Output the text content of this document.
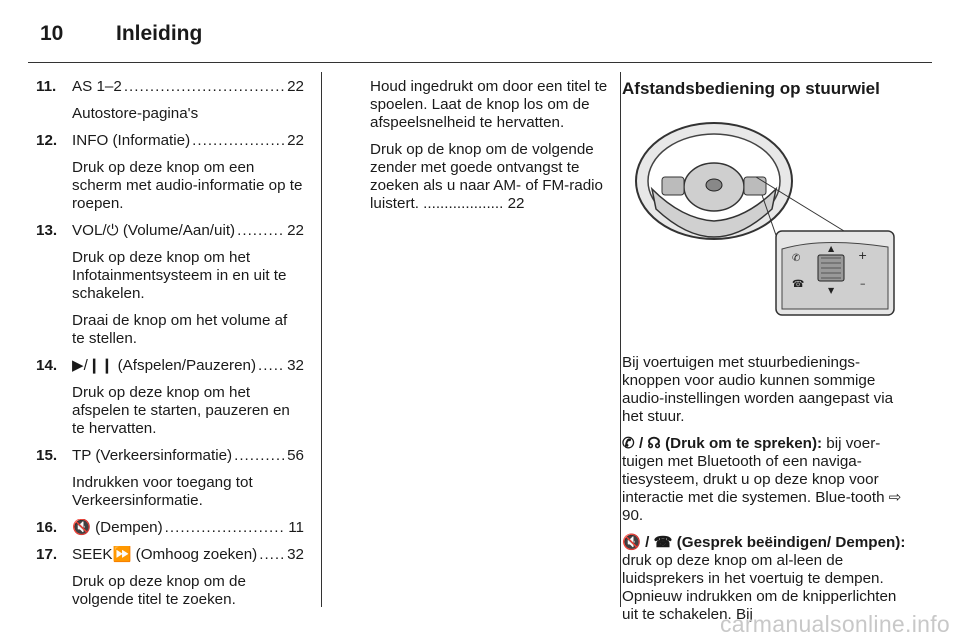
10	Inleiding
11.	AS 1–2 .....	22
Autostore-pagina's
12. INFO (Informatie) .....	22
Druk op deze knop om een scherm met audio-informatie op te roepen.
13. VOL/⏻ (Volume/Aan/uit) .....	22
Druk op deze knop om het Infotainmentsysteem in en uit te schakelen.
Draai de knop om het volume af te stellen.
14. ▶/❙❙ (Afspelen/Pauzeren) ..... 32
Druk op deze knop om het afspelen te starten, pauzeren en te hervatten.
15. TP (Verkeersinformatie) .....	56
Indrukken voor toegang tot Verkeersinformatie.
16. 🔇 (Dempen) .....	11
17. SEEK⏩ (Omhoog zoeken) ..... 32
Druk op deze knop om de volgende titel te zoeken.

Houd ingedrukt om door een titel te spoelen. Laat de knop los om de afspeelsnelheid te hervatten.

Druk op de knop om de volgende zender met goede ontvangst te zoeken als u naar AM- of FM-radio luistert. ................... 22

Afstandsbediening op stuurwiel
✆
☎
+
–
▲
▼

Bij voertuigen met stuurbedienings-knoppen voor audio kunnen sommige audio-instellingen worden aangepast via het stuur.

✆ / ☊ (Druk om te spreken): bij voer-tuigen met Bluetooth of een naviga-tiesysteem, drukt u op deze knop voor interactie met die systemen. Blue-tooth ⇨ 90.

🔇 / ☎ (Gesprek beëindigen/ Dempen): druk op deze knop om al-leen de luidsprekers in het voertuig te dempen. Opnieuw indrukken om de knipperlichten uit te schakelen. Bij

carmanualsonline.info
